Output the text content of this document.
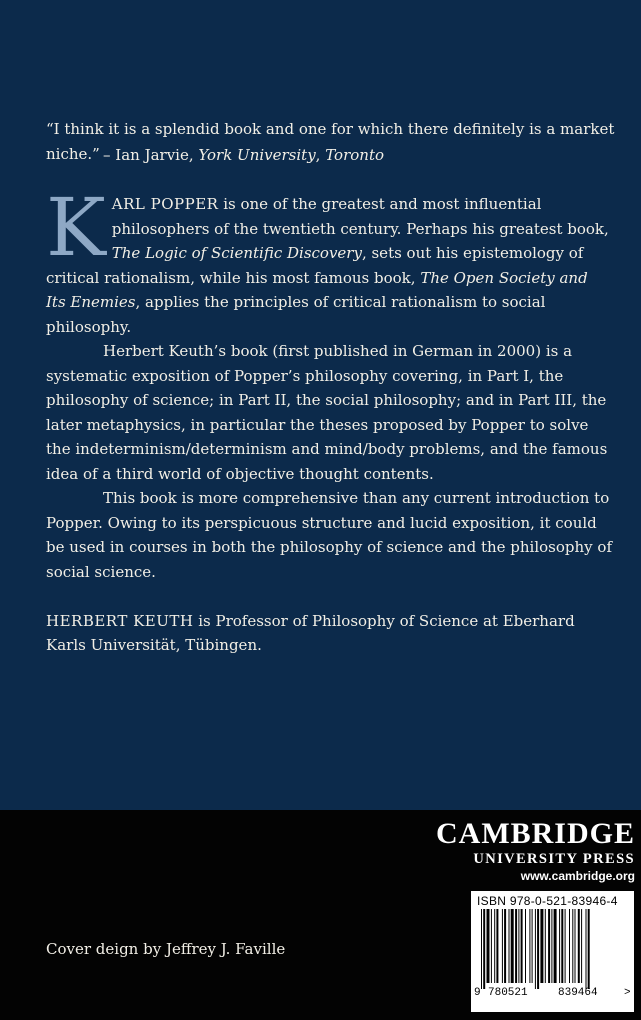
“I think it is a splendid book and one for which there definitely is a market niche.” – Ian Jarvie, York University, Toronto

KARL POPPER is one of the greatest and most influential philosophers of the twentieth century. Perhaps his greatest book, The Logic of Scientific Discovery, sets out his epistemology of critical rationalism, while his most famous book, The Open Society and Its Enemies, applies the principles of critical rationalism to social philosophy.

Herbert Keuth’s book (first published in German in 2000) is a systematic exposition of Popper’s philosophy covering, in Part I, the philosophy of science; in Part II, the social philosophy; and in Part III, the later metaphysics, in particular the theses proposed by Popper to solve the indeterminism/determinism and mind/body problems, and the famous idea of a third world of objective thought contents.

This book is more comprehensive than any current introduction to Popper. Owing to its perspicuous structure and lucid exposition, it could be used in courses in both the philosophy of science and the philosophy of social science.

HERBERT KEUTH is Professor of Philosophy of Science at Eberhard Karls Universität, Tübingen.

Cover deign by Jeffrey J. Faville
CAMBRIDGE
UNIVERSITY PRESS
www.cambridge.org
ISBN 978-0-521-83946-4
9 780521	839464 >
